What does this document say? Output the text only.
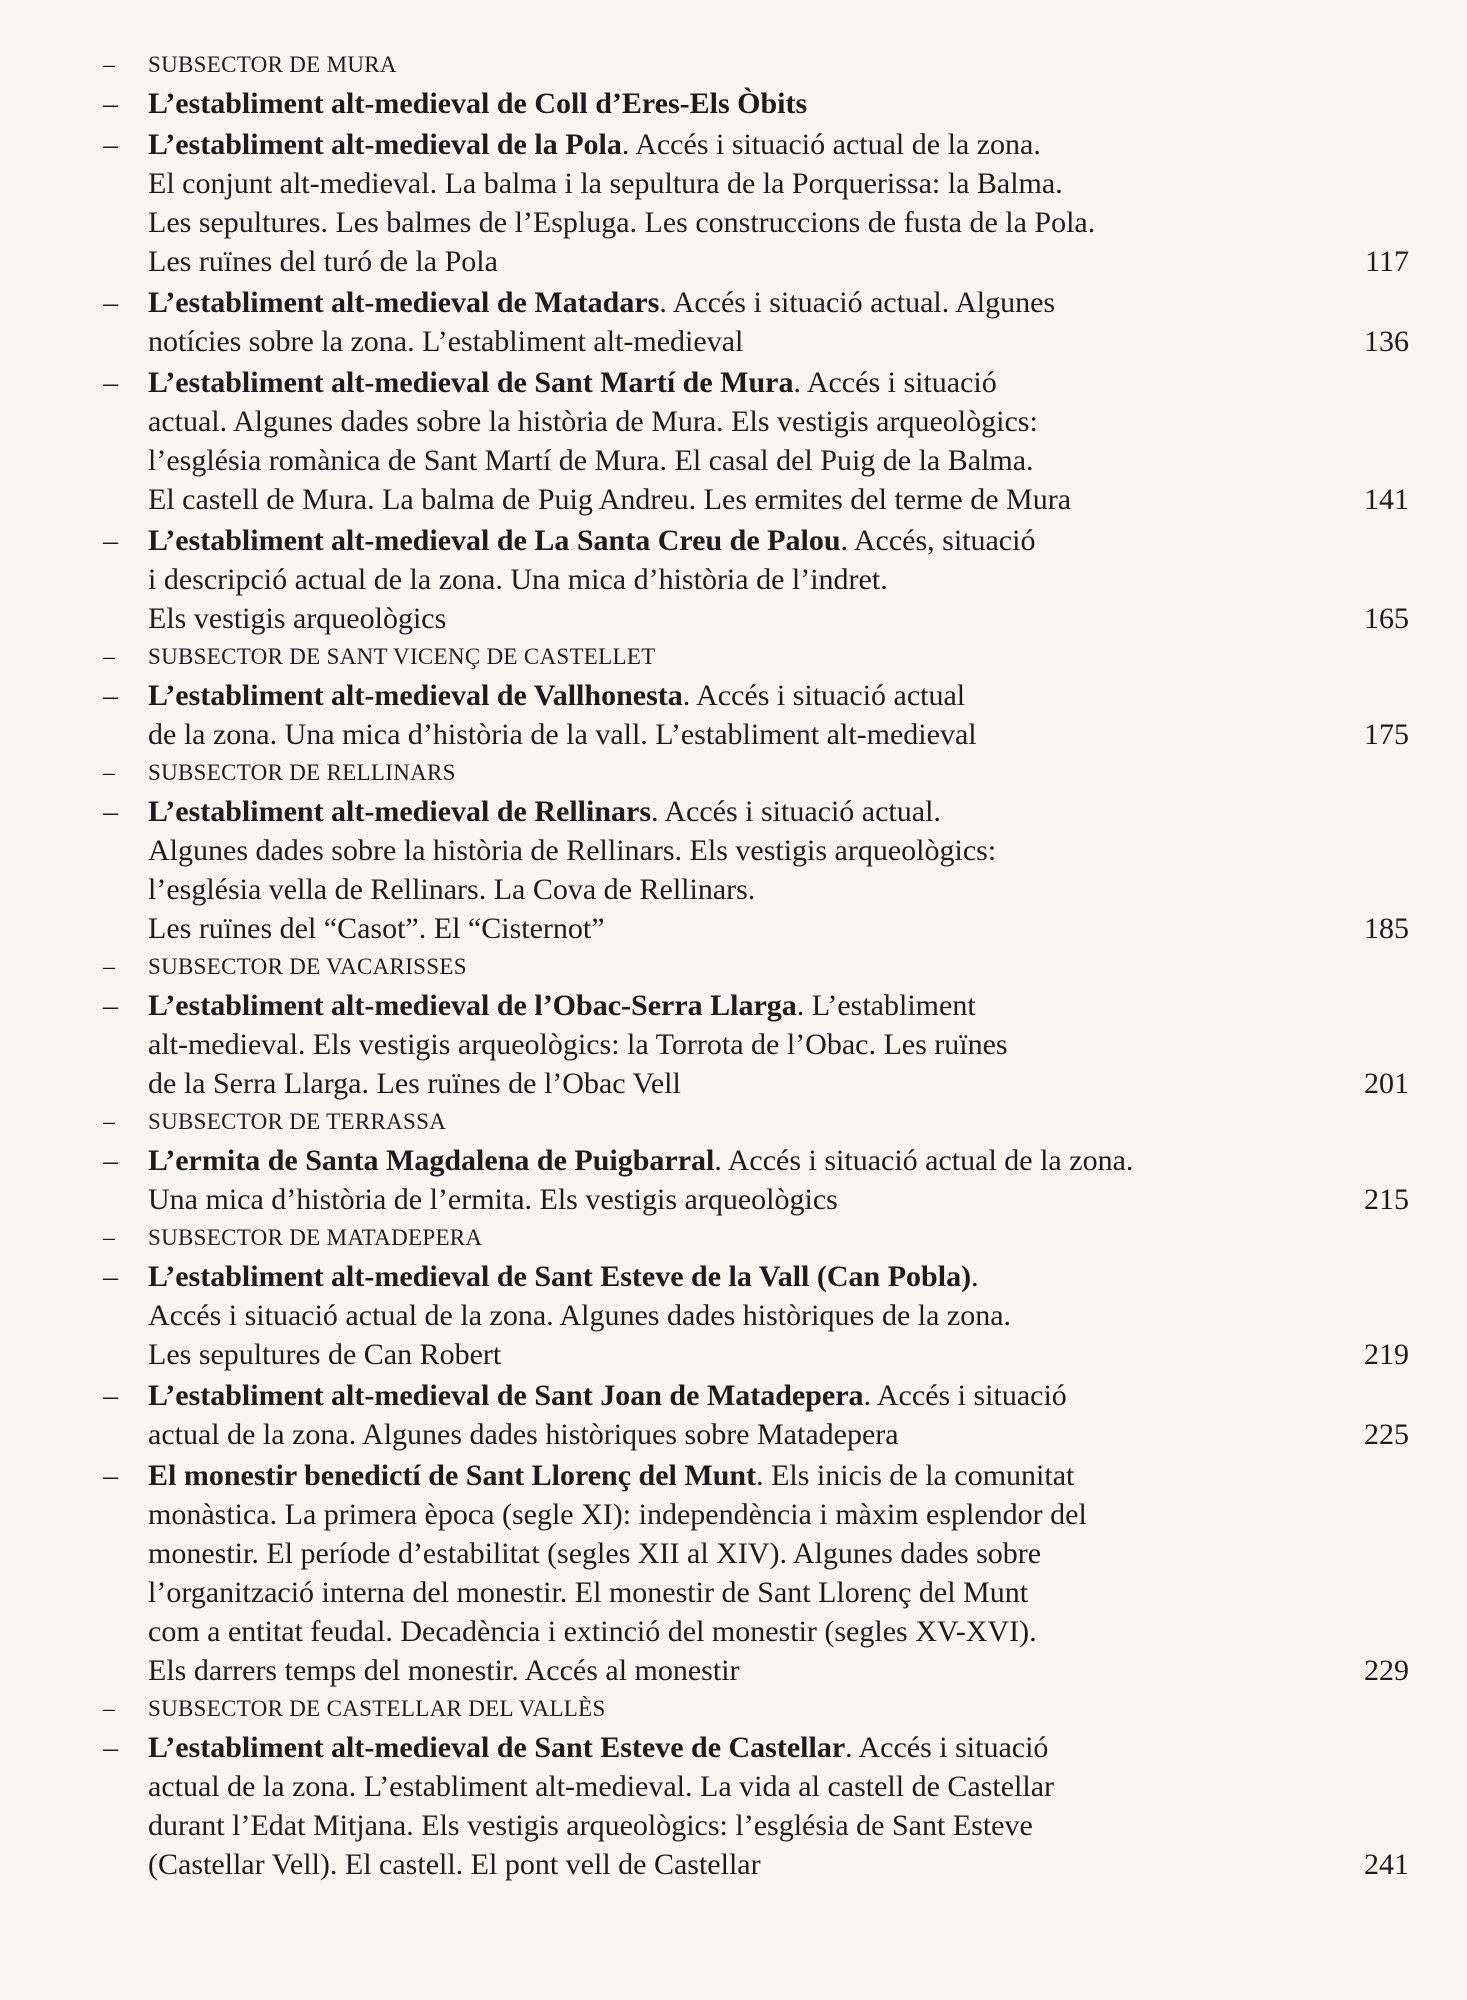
– SUBSECTOR DE MURA
– L’establiment alt-medieval de Coll d’Eres-Els Òbits
– L’establiment alt-medieval de la Pola. Accés i situació actual de la zona.
El conjunt alt-medieval. La balma i la sepultura de la Porquerissa: la Balma.
Les sepultures. Les balmes de l’Espluga. Les construccions de fusta de la Pola.
Les ruïnes del turó de la Pola	117
– L’establiment alt-medieval de Matadars. Accés i situació actual. Algunes
notícies sobre la zona. L’establiment alt-medieval	136
– L’establiment alt-medieval de Sant Martí de Mura. Accés i situació
actual. Algunes dades sobre la història de Mura. Els vestigis arqueològics:
l’església romànica de Sant Martí de Mura. El casal del Puig de la Balma.
El castell de Mura. La balma de Puig Andreu. Les ermites del terme de Mura	141
– L’establiment alt-medieval de La Santa Creu de Palou. Accés, situació
i descripció actual de la zona. Una mica d’història de l’indret.
Els vestigis arqueològics	165
– SUBSECTOR DE SANT VICENÇ DE CASTELLET
– L’establiment alt-medieval de Vallhonesta. Accés i situació actual
de la zona. Una mica d’història de la vall. L’establiment alt-medieval	175
– SUBSECTOR DE RELLINARS
– L’establiment alt-medieval de Rellinars. Accés i situació actual.
Algunes dades sobre la història de Rellinars. Els vestigis arqueològics:
l’església vella de Rellinars. La Cova de Rellinars.
Les ruïnes del “Casot”. El “Cisternot”	185
– SUBSECTOR DE VACARISSES
– L’establiment alt-medieval de l’Obac-Serra Llarga. L’establiment
alt-medieval. Els vestigis arqueològics: la Torrota de l’Obac. Les ruïnes
de la Serra Llarga. Les ruïnes de l’Obac Vell	201
– SUBSECTOR DE TERRASSA
– L’ermita de Santa Magdalena de Puigbarral. Accés i situació actual de la zona.
Una mica d’història de l’ermita. Els vestigis arqueològics	215
– SUBSECTOR DE MATADEPERA
– L’establiment alt-medieval de Sant Esteve de la Vall (Can Pobla).
Accés i situació actual de la zona. Algunes dades històriques de la zona.
Les sepultures de Can Robert	219
– L’establiment alt-medieval de Sant Joan de Matadepera. Accés i situació
actual de la zona. Algunes dades històriques sobre Matadepera	225
– El monestir benedictí de Sant Llorenç del Munt. Els inicis de la comunitat
monàstica. La primera època (segle XI): independència i màxim esplendor del
monestir. El període d’estabilitat (segles XII al XIV). Algunes dades sobre
l’organització interna del monestir. El monestir de Sant Llorenç del Munt
com a entitat feudal. Decadència i extinció del monestir (segles XV-XVI).
Els darrers temps del monestir. Accés al monestir	229
– SUBSECTOR DE CASTELLAR DEL VALLÈS
– L’establiment alt-medieval de Sant Esteve de Castellar. Accés i situació
actual de la zona. L’establiment alt-medieval. La vida al castell de Castellar
durant l’Edat Mitjana. Els vestigis arqueològics: l’església de Sant Esteve
(Castellar Vell). El castell. El pont vell de Castellar	241
